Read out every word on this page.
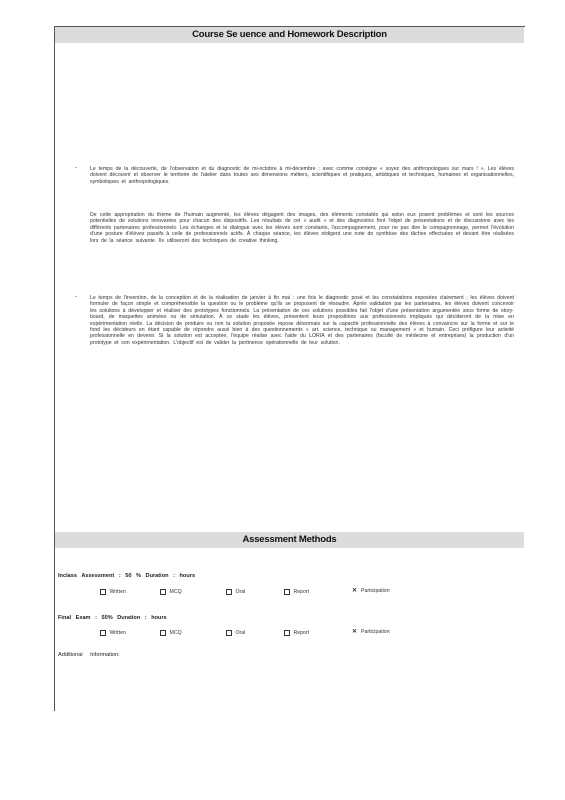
Course Se uence and Homework Description
-	Le temps de la découverte, de l'observation et du diagnostic de mi-octobre à mi-décembre : avec comme consigne « soyez des anthropologues sur mars ! ». Les élèves doivent découvrir et observer le territoire de l'atelier dans toutes ses dimensions métiers, scientifiques et pratiques, artistiques et techniques, humaines et organisationnelles, symboliques et anthropologiques.
De cette appropriation du thème de l'humain augmenté, les élèves dégagent des images, des éléments constatés qui selon eux posent problèmes et sont les sources potentielles de solutions innovantes pour chacun des dispositifs. Les résultats de cet « audit » et des diagnostics font l'objet de présentations et de discussions avec les différents partenaires professionnels. Les échanges et le dialogue avec les élèves sont constants, l'accompagnement, pour ne pas dire le compagnonnage, permet l'évolution d'une posture d'élèves passifs à celle de professionnels actifs. À chaque séance, les élèves rédigent une note de synthèse des tâches effectuées et devant être réalisées lors de la séance suivante. Ils utiliseront des techniques de creative thinking.
-	Le temps de l'invention, de la conception et de la réalisation de janvier à fin mai : une fois le diagnostic posé et les constatations exposées clairement ; les élèves doivent formuler de façon simple et compréhensible la question ou le problème qu'ils se proposent de résoudre. Après validation par les partenaires, les élèves doivent concevoir les solutions à développer et réaliser des prototypes fonctionnels. La présentation de ces solutions possibles fait l'objet d'une présentation argumentée sous forme de story-board, de maquettes animées ou de simulation. À ce stade les élèves, présentent leurs propositions aux professionnels impliqués qui décideront de la mise en expérimentation réelle. La décision de produire ou non la solution proposée repose désormais sur la capacité professionnelle des élèves à convaincre sur la forme et sur le fond les décideurs en étant capable de répondre aussi bien à des questionnements « art, science, technique ou management » et humain. Ceci préfigure leur activité professionnelle en devenir. Si la solution est acceptée, l'équipe réalise avec l'aide du LORIA et des partenaires (faculté de médecine et entreprises) la production d'un prototype et son expérimentation. L'objectif est de valider la pertinence opérationnelle de leur solution.
Assessment Methods
Inclass Assessment : 50 % Duration : hours
Written	MCQ	Oral	Report	✕ Participation
Final Exam : 50% Duration : hours
Written	MCQ	Oral	Report	✕ Participation
Additional Information:
